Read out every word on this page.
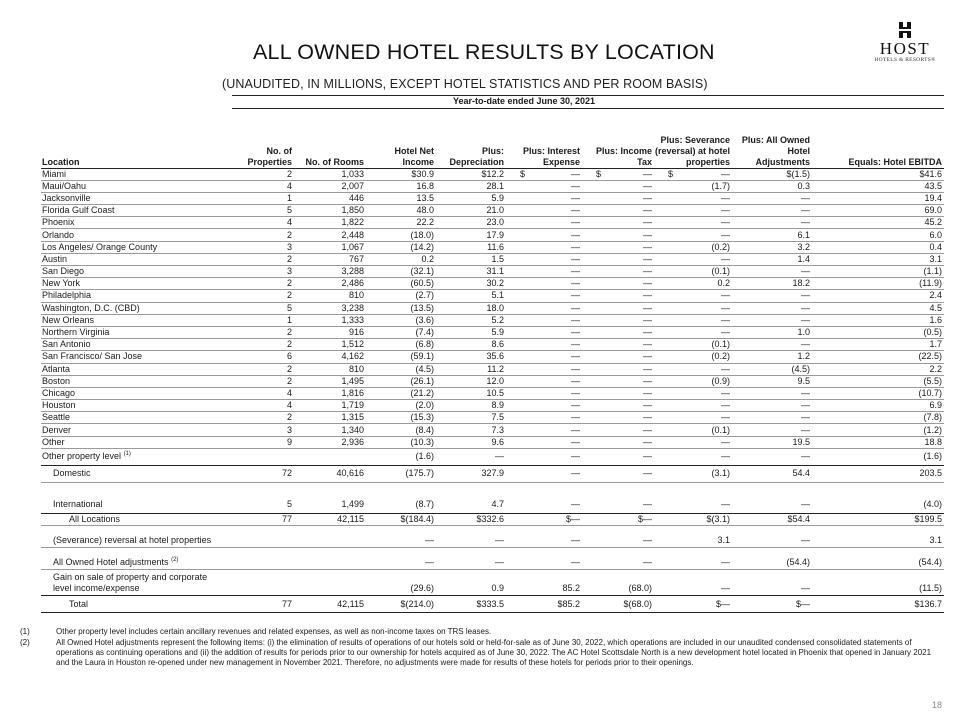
ALL OWNED HOTEL RESULTS BY LOCATION
(UNAUDITED, IN MILLIONS, EXCEPT HOTEL STATISTICS AND PER ROOM BASIS)
HOST
HOTELS & RESORTS®
Year-to-date ended June 30, 2021
Location	No. of Properties	No. of Rooms	Hotel Net Income	Plus: Depreciation	Plus: Interest Expense	Plus: Income Tax	Plus: Severance (reversal) at hotel properties	Plus: All Owned Hotel Adjustments	Equals: Hotel EBITDA
Miami	2	1,033	$30.9	$12.2	$ —	$ —	$ —	$(1.5)	$41.6
Maui/Oahu	4	2,007	16.8	28.1	—	—	(1.7)	0.3	43.5
Jacksonville	1	446	13.5	5.9	—	—	—	—	19.4
Florida Gulf Coast	5	1,850	48.0	21.0	—	—	—	—	69.0
Phoenix	4	1,822	22.2	23.0	—	—	—	—	45.2
Orlando	2	2,448	(18.0)	17.9	—	—	—	6.1	6.0
Los Angeles/ Orange County	3	1,067	(14.2)	11.6	—	—	(0.2)	3.2	0.4
Austin	2	767	0.2	1.5	—	—	—	1.4	3.1
San Diego	3	3,288	(32.1)	31.1	—	—	(0.1)	—	(1.1)
New York	2	2,486	(60.5)	30.2	—	—	0.2	18.2	(11.9)
Philadelphia	2	810	(2.7)	5.1	—	—	—	—	2.4
Washington, D.C. (CBD)	5	3,238	(13.5)	18.0	—	—	—	—	4.5
New Orleans	1	1,333	(3.6)	5.2	—	—	—	—	1.6
Northern Virginia	2	916	(7.4)	5.9	—	—	—	1.0	(0.5)
San Antonio	2	1,512	(6.8)	8.6	—	—	(0.1)	—	1.7
San Francisco/ San Jose	6	4,162	(59.1)	35.6	—	—	(0.2)	1.2	(22.5)
Atlanta	2	810	(4.5)	11.2	—	—	—	(4.5)	2.2
Boston	2	1,495	(26.1)	12.0	—	—	(0.9)	9.5	(5.5)
Chicago	4	1,816	(21.2)	10.5	—	—	—	—	(10.7)
Houston	4	1,719	(2.0)	8.9	—	—	—	—	6.9
Seattle	2	1,315	(15.3)	7.5	—	—	—	—	(7.8)
Denver	3	1,340	(8.4)	7.3	—	—	(0.1)	—	(1.2)
Other	9	2,936	(10.3)	9.6	—	—	—	19.5	18.8
Other property level $^{(1)}$			(1.6)	—	—	—	—	—	(1.6)
Domestic	72	40,616	(175.7)	327.9	—	—	(3.1)	54.4	203.5

International	5	1,499	(8.7)	4.7	—	—	—	—	(4.0)
All Locations	77	42,115	$(184.4)	$332.6	$—	$—	$(3.1)	$54.4	$199.5
(Severance) reversal at hotel properties			—	—	—	—	3.1	—	3.1
All Owned Hotel adjustments $^{(2)}$			—	—	—	—	—	(54.4)	(54.4)
Gain on sale of property and corporate
level income/expense			(29.6)	0.9	85.2	(68.0)	—	—	(11.5)
Total	77	42,115	$(214.0)	$333.5	$85.2	$(68.0)	$—	$—	$136.7
(1)	Other property level includes certain ancillary revenues and related expenses, as well as non-income taxes on TRS leases.
(2)	All Owned Hotel adjustments represent the following items: (i) the elimination of results of operations of our hotels sold or held-for-sale as of June 30, 2022, which operations are included in our unaudited condensed consolidated statements of operations as continuing operations and (ii) the addition of results for periods prior to our ownership for hotels acquired as of June 30, 2022. The AC Hotel Scottsdale North is a new development hotel located in Phoenix that opened in January 2021 and the Laura in Houston re-opened under new management in November 2021. Therefore, no adjustments were made for results of these hotels for periods prior to their openings.
18
